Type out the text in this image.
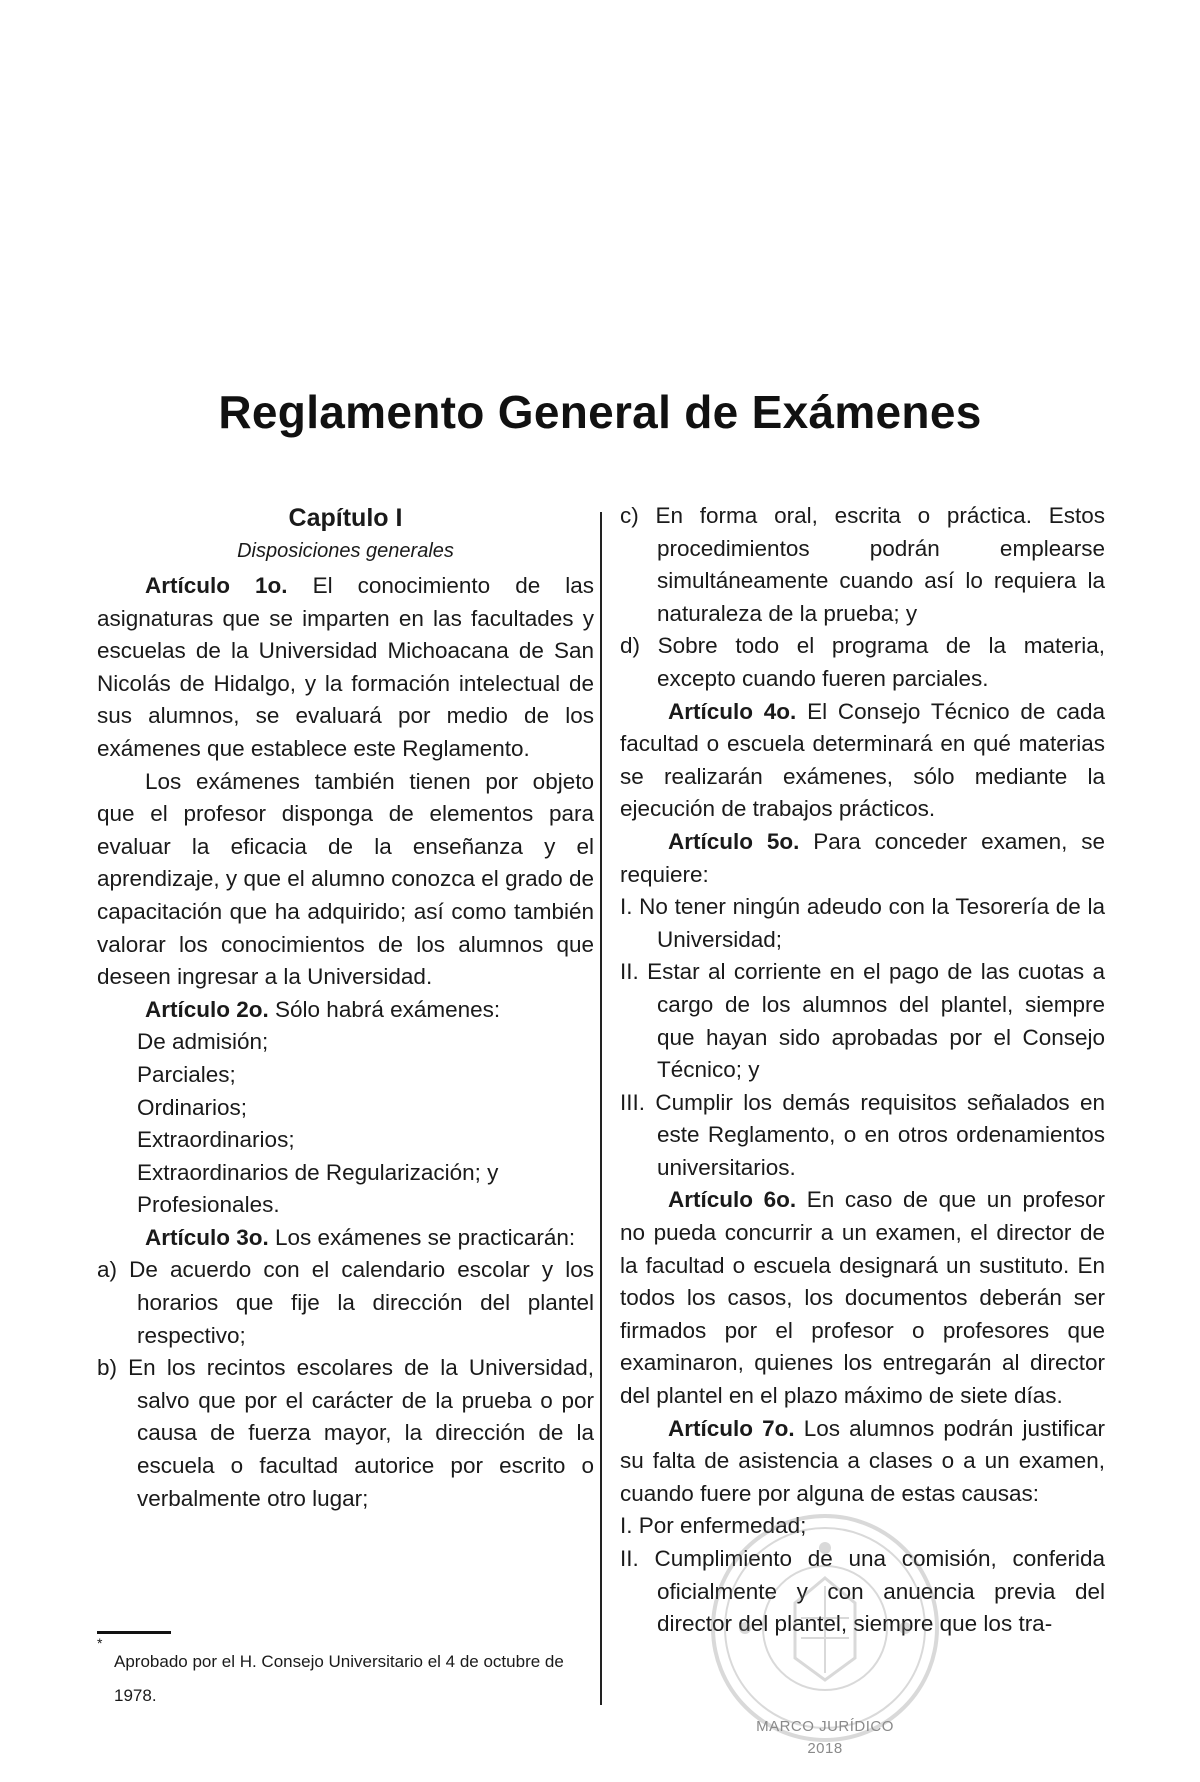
Reglamento General de Exámenes

Capítulo I

Disposiciones generales

Artículo 1o. El conocimiento de las asignaturas que se imparten en las facultades y escuelas de la Universidad Michoacana de San Nicolás de Hidalgo, y la formación intelectual de sus alumnos, se evaluará por medio de los exámenes que establece este Reglamento.

Los exámenes también tienen por objeto que el profesor disponga de elementos para evaluar la eficacia de la enseñanza y el aprendizaje, y que el alumno conozca el grado de capacitación que ha adquirido; así como también valorar los conocimientos de los alumnos que deseen ingresar a la Universidad.

Artículo 2o. Sólo habrá exámenes:

De admisión;

Parciales;

Ordinarios;

Extraordinarios;

Extraordinarios de Regularización; y

Profesionales.

Artículo 3o. Los exámenes se practicarán:

a) De acuerdo con el calendario escolar y los horarios que fije la dirección del plantel respectivo;

b) En los recintos escolares de la Universidad, salvo que por el carácter de la prueba o por causa de fuerza mayor, la dirección de la escuela o facultad autorice por escrito o verbalmente otro lugar;

c) En forma oral, escrita o práctica. Estos procedimientos podrán emplearse simultáneamente cuando así lo requiera la naturaleza de la prueba; y

d) Sobre todo el programa de la materia, excepto cuando fueren parciales.

Artículo 4o. El Consejo Técnico de cada facultad o escuela determinará en qué materias se realizarán exámenes, sólo mediante la ejecución de trabajos prácticos.

Artículo 5o. Para conceder examen, se requiere:

I. No tener ningún adeudo con la Tesorería de la Universidad;

II. Estar al corriente en el pago de las cuotas a cargo de los alumnos del plantel, siempre que hayan sido aprobadas por el Consejo Técnico; y

III. Cumplir los demás requisitos señalados en este Reglamento, o en otros ordenamientos universitarios.

Artículo 6o. En caso de que un profesor no pueda concurrir a un examen, el director de la facultad o escuela designará un sustituto. En todos los casos, los documentos deberán ser firmados por el profesor o profesores que examinaron, quienes los entregarán al director del plantel en el plazo máximo de siete días.

Artículo 7o. Los alumnos podrán justificar su falta de asistencia a clases o a un examen, cuando fuere por alguna de estas causas:

I. Por enfermedad;

II. Cumplimiento de una comisión, conferida oficialmente y con anuencia previa del director del plantel, siempre que los tra-

*

Aprobado por el H. Consejo Universitario el 4 de octubre de 1978.

MARCO JURÍDICO
2018
